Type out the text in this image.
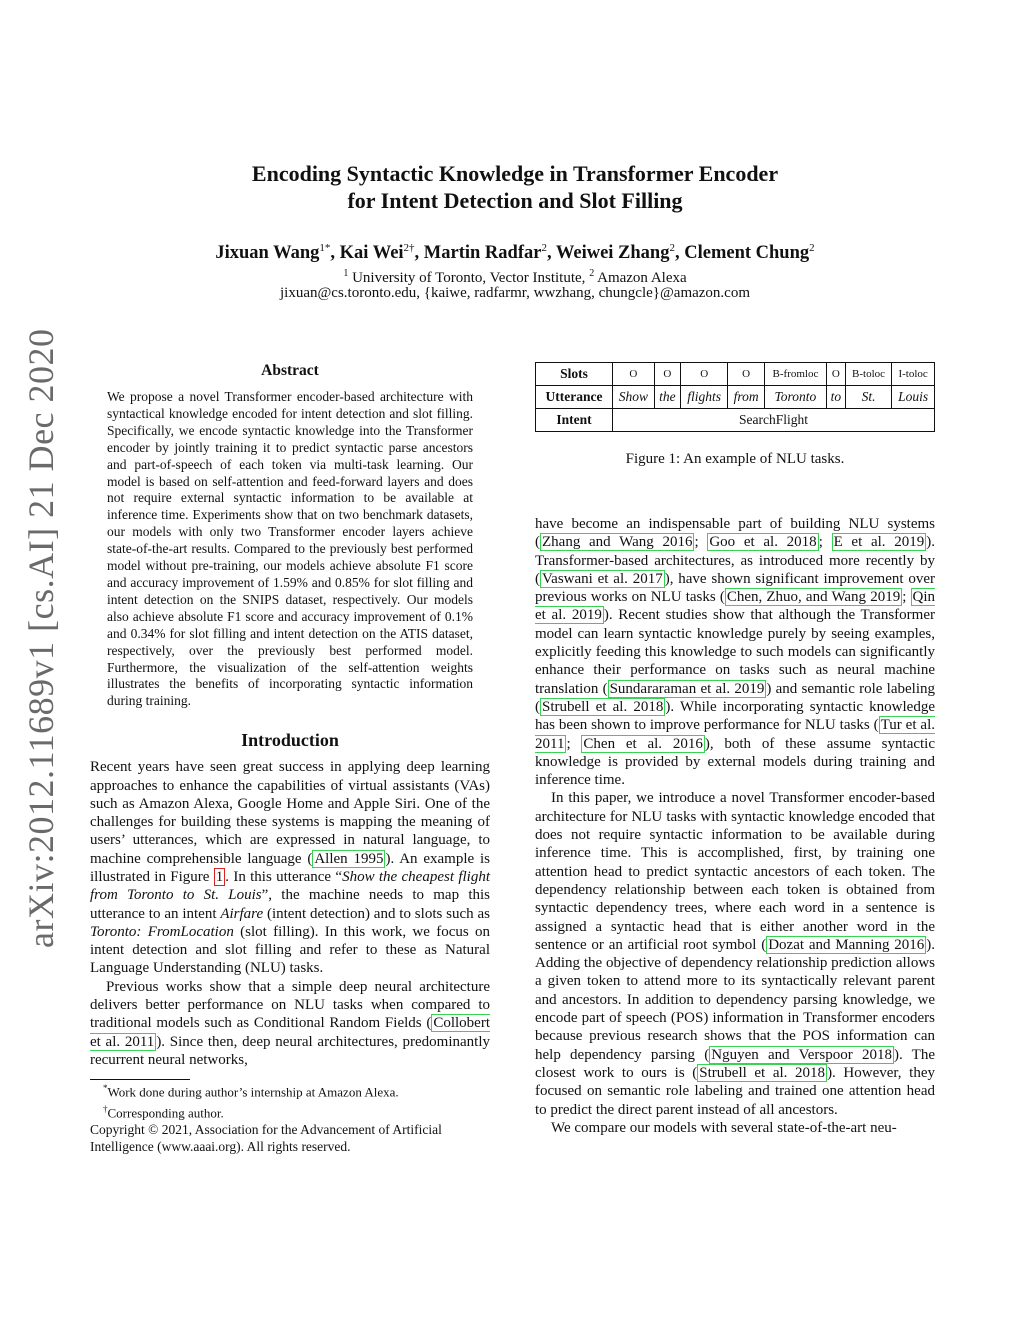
arXiv:2012.11689v1 [cs.AI] 21 Dec 2020
Encoding Syntactic Knowledge in Transformer Encoder
for Intent Detection and Slot Filling
Jixuan Wang$^{1*}$, Kai Wei$^{2\dagger}$, Martin Radfar$^2$, Weiwei Zhang$^2$, Clement Chung$^2$
$^1$ University of Toronto, Vector Institute, $^2$ Amazon Alexa
jixuan@cs.toronto.edu, {kaiwe, radfarmr, wwzhang, chungcle}@amazon.com
Abstract

We propose a novel Transformer encoder-based architecture with syntactical knowledge encoded for intent detection and slot filling. Specifically, we encode syntactic knowledge into the Transformer encoder by jointly training it to predict syntactic parse ancestors and part-of-speech of each token via multi-task learning. Our model is based on self-attention and feed-forward layers and does not require external syntactic information to be available at inference time. Experiments show that on two benchmark datasets, our models with only two Transformer encoder layers achieve state-of-the-art results. Compared to the previously best performed model without pre-training, our models achieve absolute F1 score and accuracy improvement of 1.59% and 0.85% for slot filling and intent detection on the SNIPS dataset, respectively. Our models also achieve absolute F1 score and accuracy improvement of 0.1% and 0.34% for slot filling and intent detection on the ATIS dataset, respectively, over the previously best performed model. Furthermore, the visualization of the self-attention weights illustrates the benefits of incorporating syntactic information during training.

Introduction

Recent years have seen great success in applying deep learning approaches to enhance the capabilities of virtual assistants (VAs) such as Amazon Alexa, Google Home and Apple Siri. One of the challenges for building these systems is mapping the meaning of users’ utterances, which are expressed in natural language, to machine comprehensible language ( Allen 1995 ). An example is illustrated in Figure 1 . In this utterance “Show the cheapest flight from Toronto to St. Louis”, the machine needs to map this utterance to an intent Airfare (intent detection) and to slots such as Toronto: FromLocation (slot filling). In this work, we focus on intent detection and slot filling and refer to these as Natural Language Understanding (NLU) tasks.

Previous works show that a simple deep neural architecture delivers better performance on NLU tasks when compared to traditional models such as Conditional Random Fields ( Collobert et al. 2011 ). Since then, deep neural architectures, predominantly recurrent neural networks,

*Work done during author’s internship at Amazon Alexa.

†Corresponding author.

Copyright © 2021, Association for the Advancement of Artificial Intelligence (www.aaai.org). All rights reserved.

Slots	O	O	O	O	B-fromloc	O	B-toloc	I-toloc
Utterance	Show	the	flights	from	Toronto	to	St.	Louis
Intent	SearchFlight							

Figure 1: An example of NLU tasks.

have become an indispensable part of building NLU systems ( Zhang and Wang 2016 ; Goo et al. 2018 ; E et al. 2019 ). Transformer-based architectures, as introduced more recently by ( Vaswani et al. 2017 ), have shown significant improvement over previous works on NLU tasks ( Chen, Zhuo, and Wang 2019 ; Qin et al. 2019 ). Recent studies show that although the Transformer model can learn syntactic knowledge purely by seeing examples, explicitly feeding this knowledge to such models can significantly enhance their performance on tasks such as neural machine translation ( Sundararaman et al. 2019 ) and semantic role labeling ( Strubell et al. 2018 ). While incorporating syntactic knowledge has been shown to improve performance for NLU tasks ( Tur et al. 2011 ; Chen et al. 2016 ), both of these assume syntactic knowledge is provided by external models during training and inference time.

In this paper, we introduce a novel Transformer encoder-based architecture for NLU tasks with syntactic knowledge encoded that does not require syntactic information to be available during inference time. This is accomplished, first, by training one attention head to predict syntactic ancestors of each token. The dependency relationship between each token is obtained from syntactic dependency trees, where each word in a sentence is assigned a syntactic head that is either another word in the sentence or an artificial root symbol ( Dozat and Manning 2016 ). Adding the objective of dependency relationship prediction allows a given token to attend more to its syntactically relevant parent and ancestors. In addition to dependency parsing knowledge, we encode part of speech (POS) information in Transformer encoders because previous research shows that the POS information can help dependency parsing ( Nguyen and Verspoor 2018 ). The closest work to ours is ( Strubell et al. 2018 ). However, they focused on semantic role labeling and trained one attention head to predict the direct parent instead of all ancestors.

We compare our models with several state-of-the-art neu-
